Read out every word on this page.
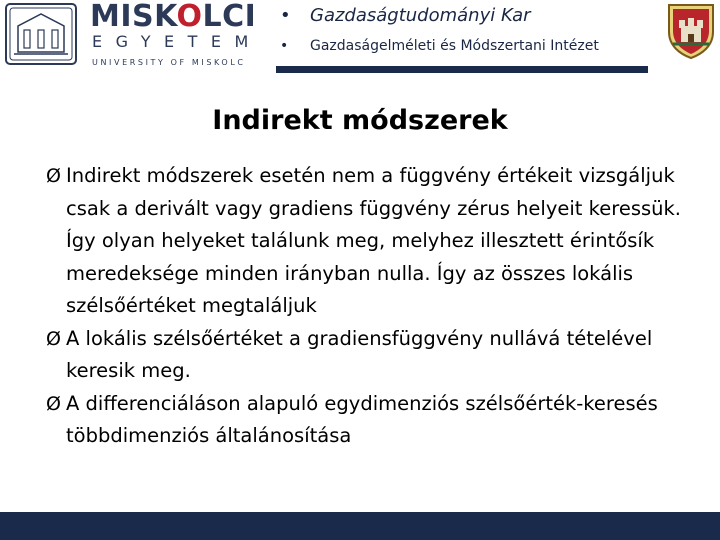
MISKOLCI
EGYETEM
UNIVERSITY OF MISKOLC
• Gazdaságtudományi Kar
• Gazdaságelméleti és Módszertani Intézet
Indirekt módszerek

Ø Indirekt módszerek esetén nem a függvény értékeit vizsgáljuk csak a derivált vagy gradiens függvény zérus helyeit keressük. Így olyan helyeket találunk meg, melyhez illesztett érintősík meredeksége minden irányban nulla. Így az összes lokális szélsőértéket megtaláljuk

Ø A lokális szélsőértéket a gradiensfüggvény nullává tételével keresik meg.

Ø A differenciáláson alapuló egydimenziós szélsőérték-keresés többdimenziós általánosítása
